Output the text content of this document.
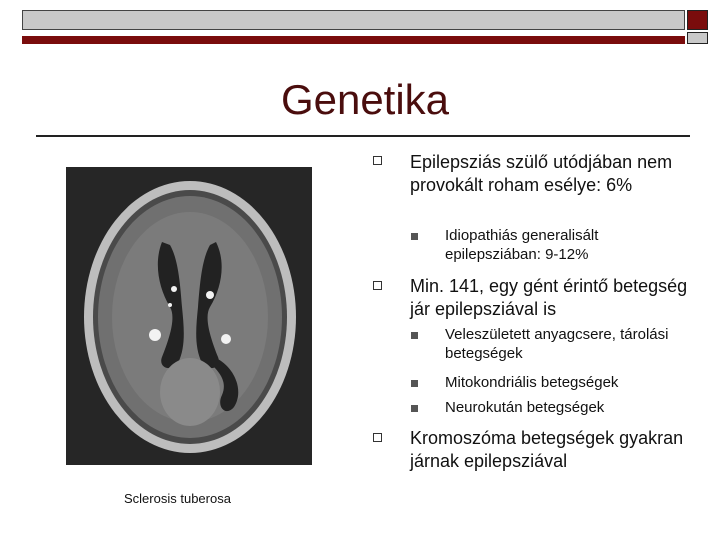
Genetika
Sclerosis tuberosa
Epilepsziás szülő utódjában nem provokált roham esélye: 6%
Idiopathiás generalisált epilepsziában: 9-12%
Min. 141, egy gént érintő betegség jár epilepsziával is
Veleszületett anyagcsere, tárolási betegségek
Mitokondriális betegségek
Neurokután betegségek
Kromoszóma betegségek gyakran járnak epilepsziával
